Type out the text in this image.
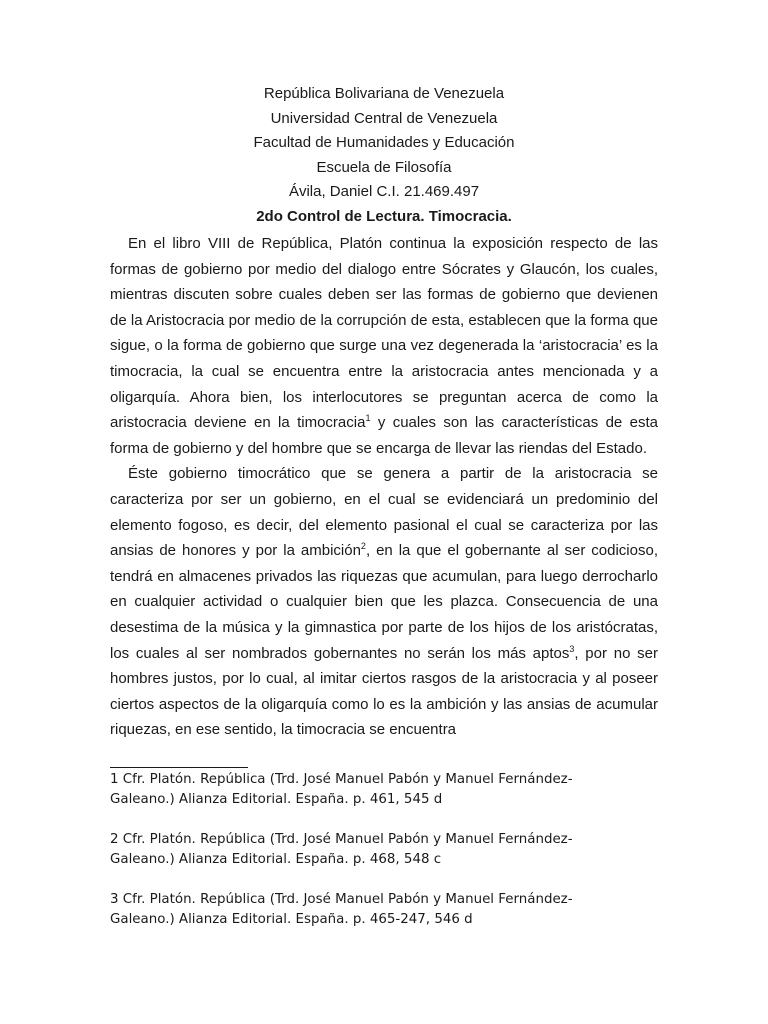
República Bolivariana de Venezuela
Universidad Central de Venezuela
Facultad de Humanidades y Educación
Escuela de Filosofía
Ávila, Daniel C.I. 21.469.497
2do Control de Lectura. Timocracia.

En el libro VIII de República, Platón continua la exposición respecto de las formas de gobierno por medio del dialogo entre Sócrates y Glaucón, los cuales, mientras discuten sobre cuales deben ser las formas de gobierno que devienen de la Aristocracia por medio de la corrupción de esta, establecen que la forma que sigue, o la forma de gobierno que surge una vez degenerada la ‘aristocracia’ es la timocracia, la cual se encuentra entre la aristocracia antes mencionada y a oligarquía. Ahora bien, los interlocutores se preguntan acerca de como la aristocracia deviene en la timocracia$^1$ y cuales son las características de esta forma de gobierno y del hombre que se encarga de llevar las riendas del Estado.

Éste gobierno timocrático que se genera a partir de la aristocracia se caracteriza por ser un gobierno, en el cual se evidenciará un predominio del elemento fogoso, es decir, del elemento pasional el cual se caracteriza por las ansias de honores y por la ambición$^2$, en la que el gobernante al ser codicioso, tendrá en almacenes privados las riquezas que acumulan, para luego derrocharlo en cualquier actividad o cualquier bien que les plazca. Consecuencia de una desestima de la música y la gimnastica por parte de los hijos de los aristócratas, los cuales al ser nombrados gobernantes no serán los más aptos$^3$, por no ser hombres justos, por lo cual, al imitar ciertos rasgos de la aristocracia y al poseer ciertos aspectos de la oligarquía como lo es la ambición y las ansias de acumular riquezas, en ese sentido, la timocracia se encuentra

1 Cfr. Platón. República (Trd. José Manuel Pabón y Manuel Fernández-
Galeano.) Alianza Editorial. España. p. 461, 545 d

2 Cfr. Platón. República (Trd. José Manuel Pabón y Manuel Fernández-
Galeano.) Alianza Editorial. España. p. 468, 548 c

3 Cfr. Platón. República (Trd. José Manuel Pabón y Manuel Fernández-
Galeano.) Alianza Editorial. España. p. 465-247, 546 d
